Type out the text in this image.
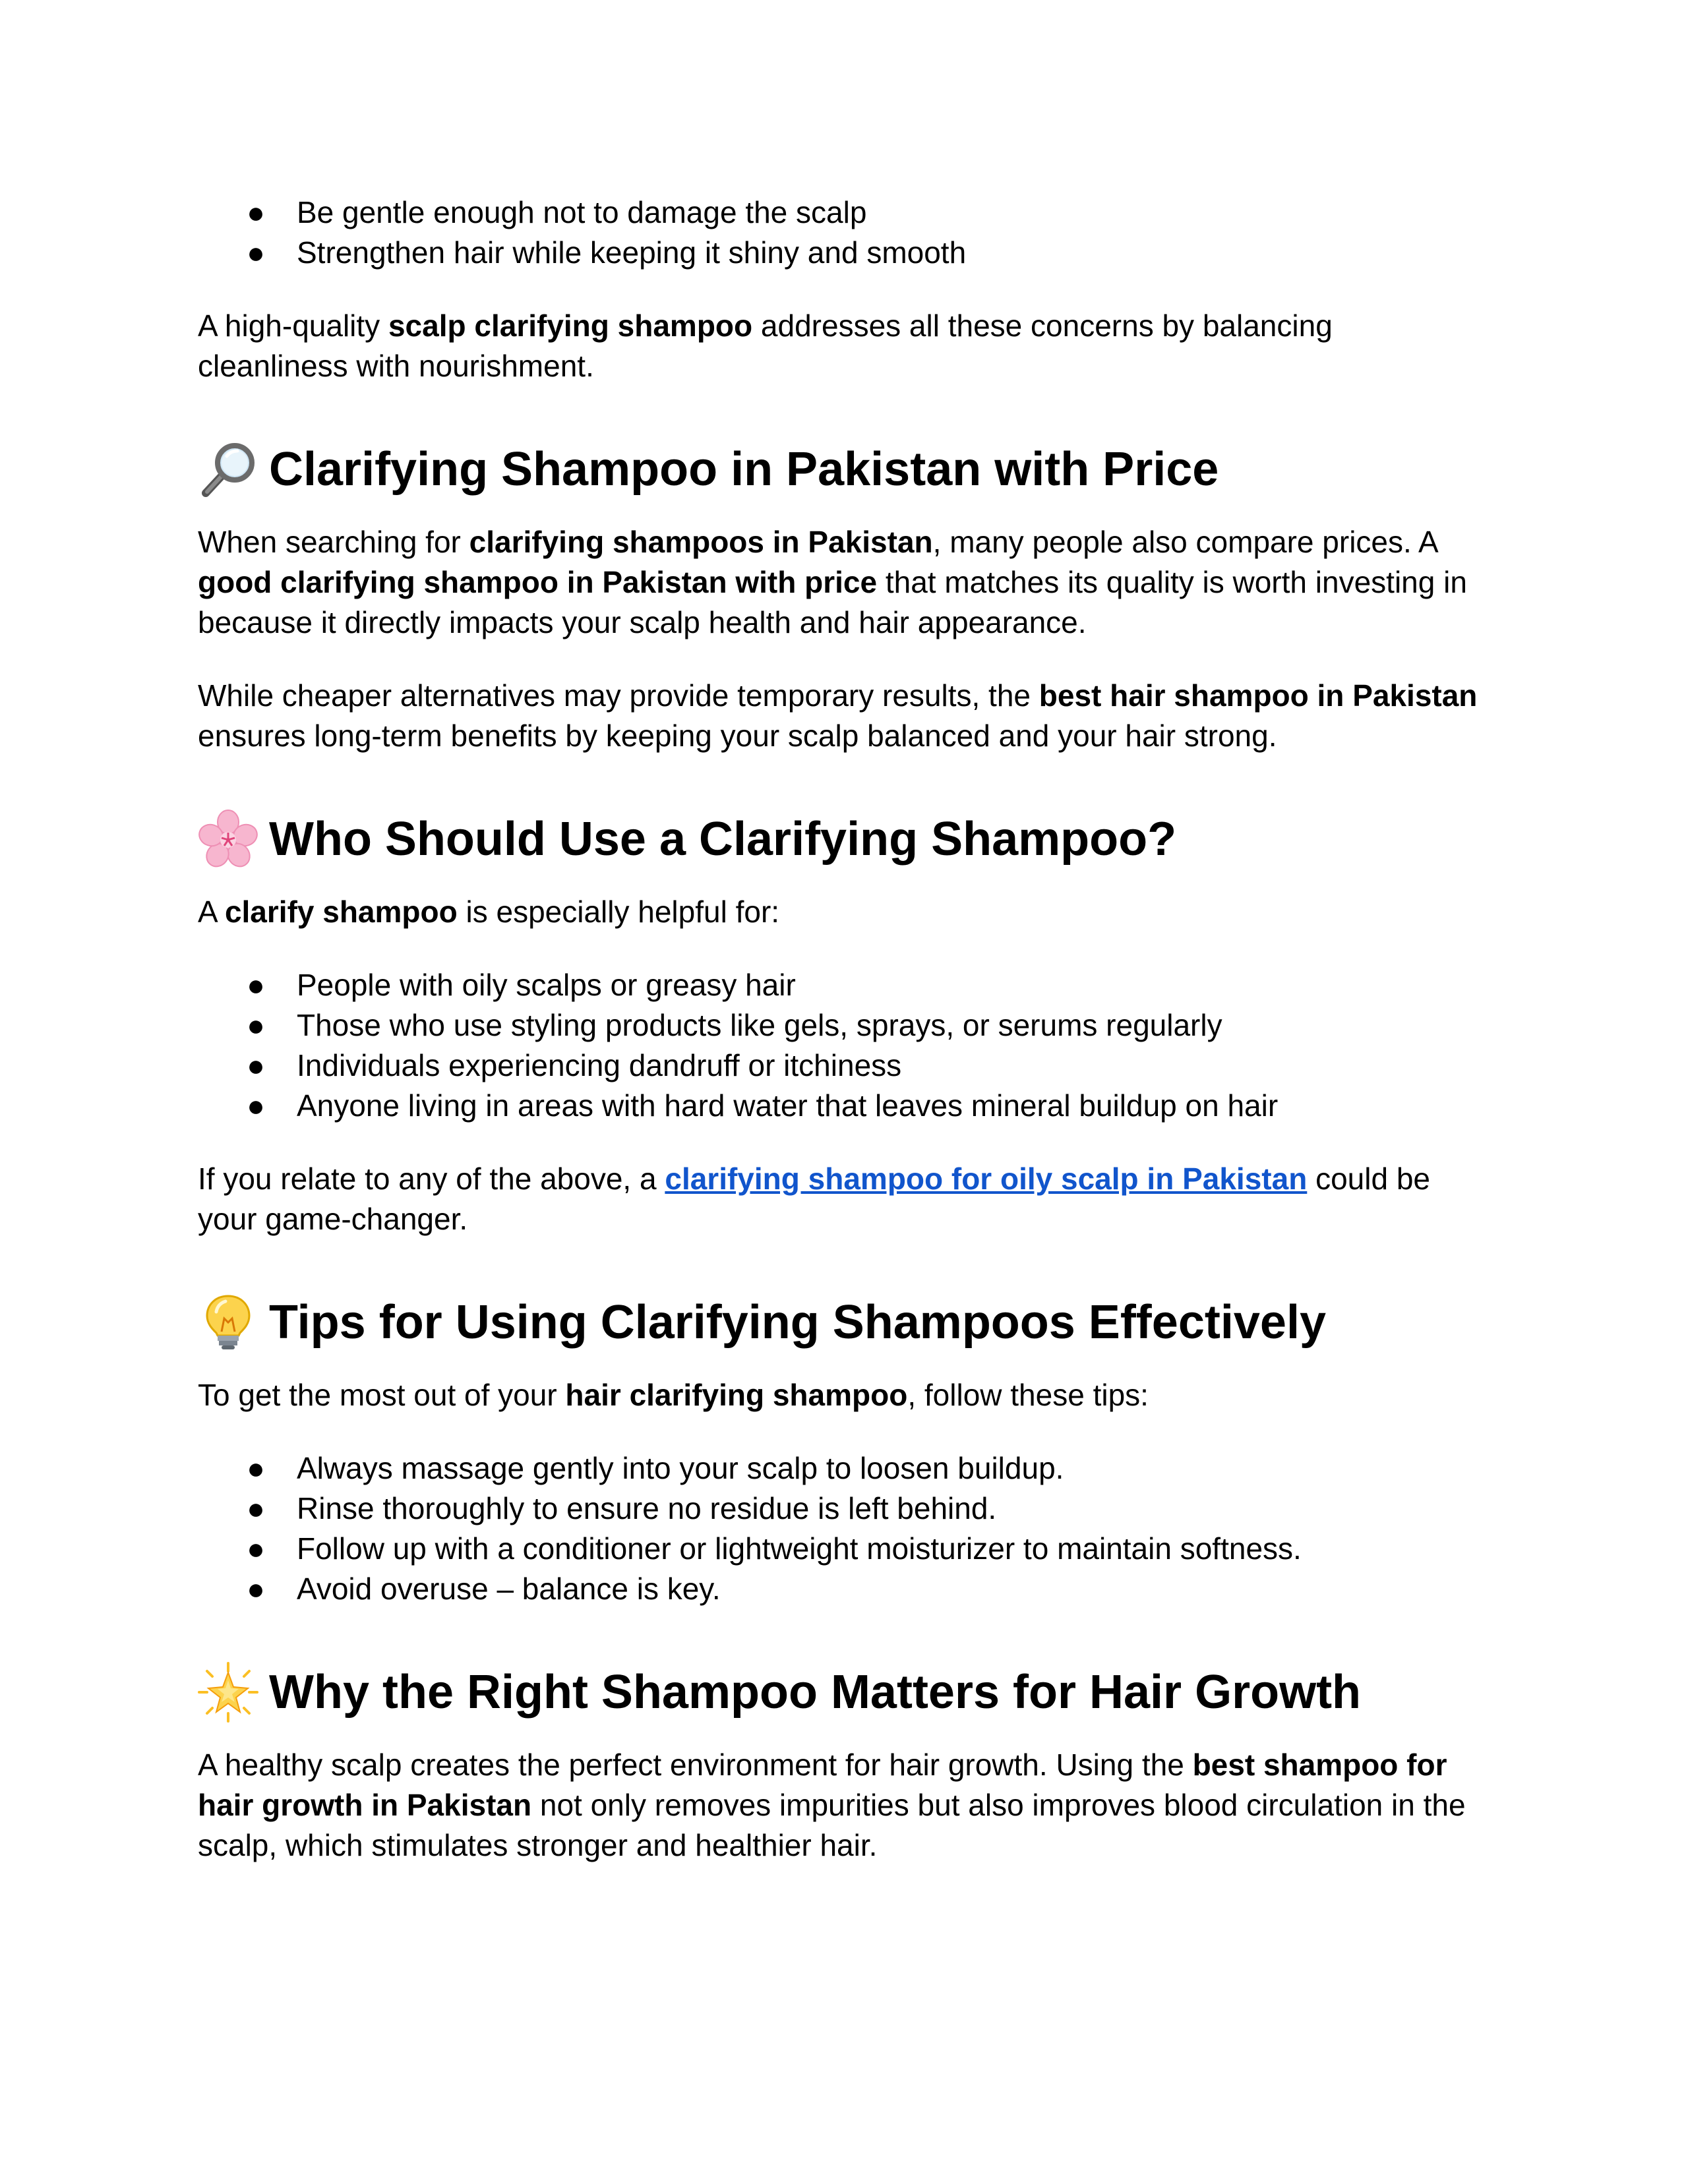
● Be gentle enough not to damage the scalp
● Strengthen hair while keeping it shiny and smooth

A high-quality scalp clarifying shampoo addresses all these concerns by balancing cleanliness with nourishment.

Clarifying Shampoo in Pakistan with Price

When searching for clarifying shampoos in Pakistan, many people also compare prices. A good clarifying shampoo in Pakistan with price that matches its quality is worth investing in because it directly impacts your scalp health and hair appearance.

While cheaper alternatives may provide temporary results, the best hair shampoo in Pakistan ensures long-term benefits by keeping your scalp balanced and your hair strong.

Who Should Use a Clarifying Shampoo?

A clarify shampoo is especially helpful for:

● People with oily scalps or greasy hair
● Those who use styling products like gels, sprays, or serums regularly
● Individuals experiencing dandruff or itchiness
● Anyone living in areas with hard water that leaves mineral buildup on hair

If you relate to any of the above, a clarifying shampoo for oily scalp in Pakistan could be your game-changer.

Tips for Using Clarifying Shampoos Effectively

To get the most out of your hair clarifying shampoo, follow these tips:

● Always massage gently into your scalp to loosen buildup.
● Rinse thoroughly to ensure no residue is left behind.
● Follow up with a conditioner or lightweight moisturizer to maintain softness.
● Avoid overuse – balance is key.
Why the Right Shampoo Matters for Hair Growth

A healthy scalp creates the perfect environment for hair growth. Using the best shampoo for hair growth in Pakistan not only removes impurities but also improves blood circulation in the scalp, which stimulates stronger and healthier hair.
